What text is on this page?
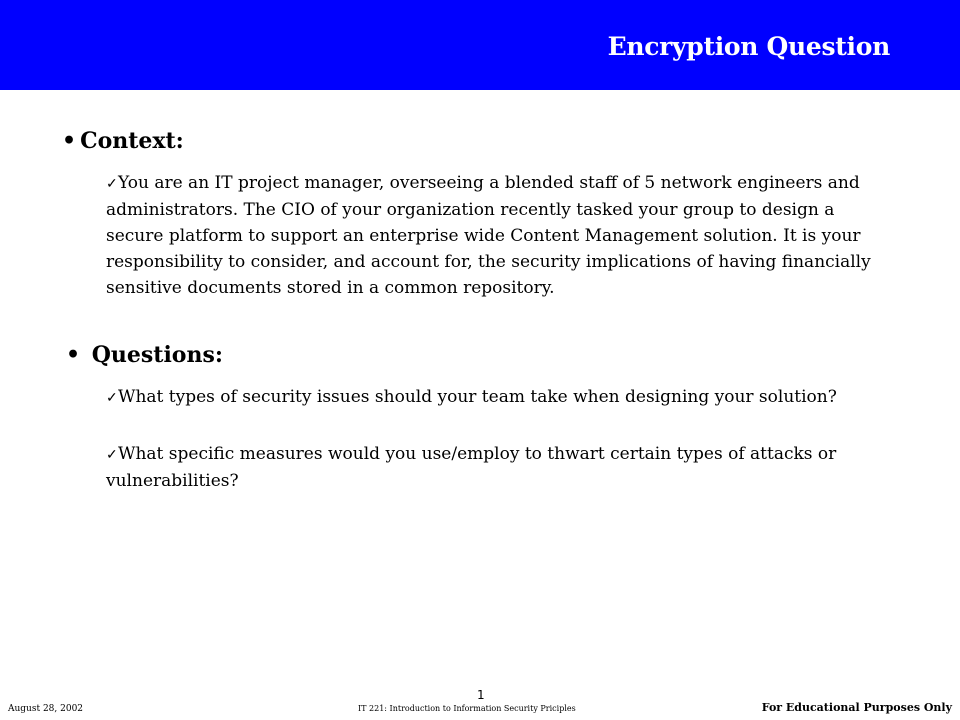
Encryption Question
• Context:
✓You are an IT project manager, overseeing a blended staff of 5 network engineers and administrators. The CIO of your organization recently tasked your group to design a secure platform to support an enterprise wide Content Management solution. It is your responsibility to consider, and account for, the security implications of having financially sensitive documents stored in a common repository.
• Questions:
✓What types of security issues should your team take when designing your solution?
✓What specific measures would you use/employ to thwart certain types of attacks or vulnerabilities?
1
August 28, 2002	IT 221: Introduction to Information Security Priciples	For Educational Purposes Only
